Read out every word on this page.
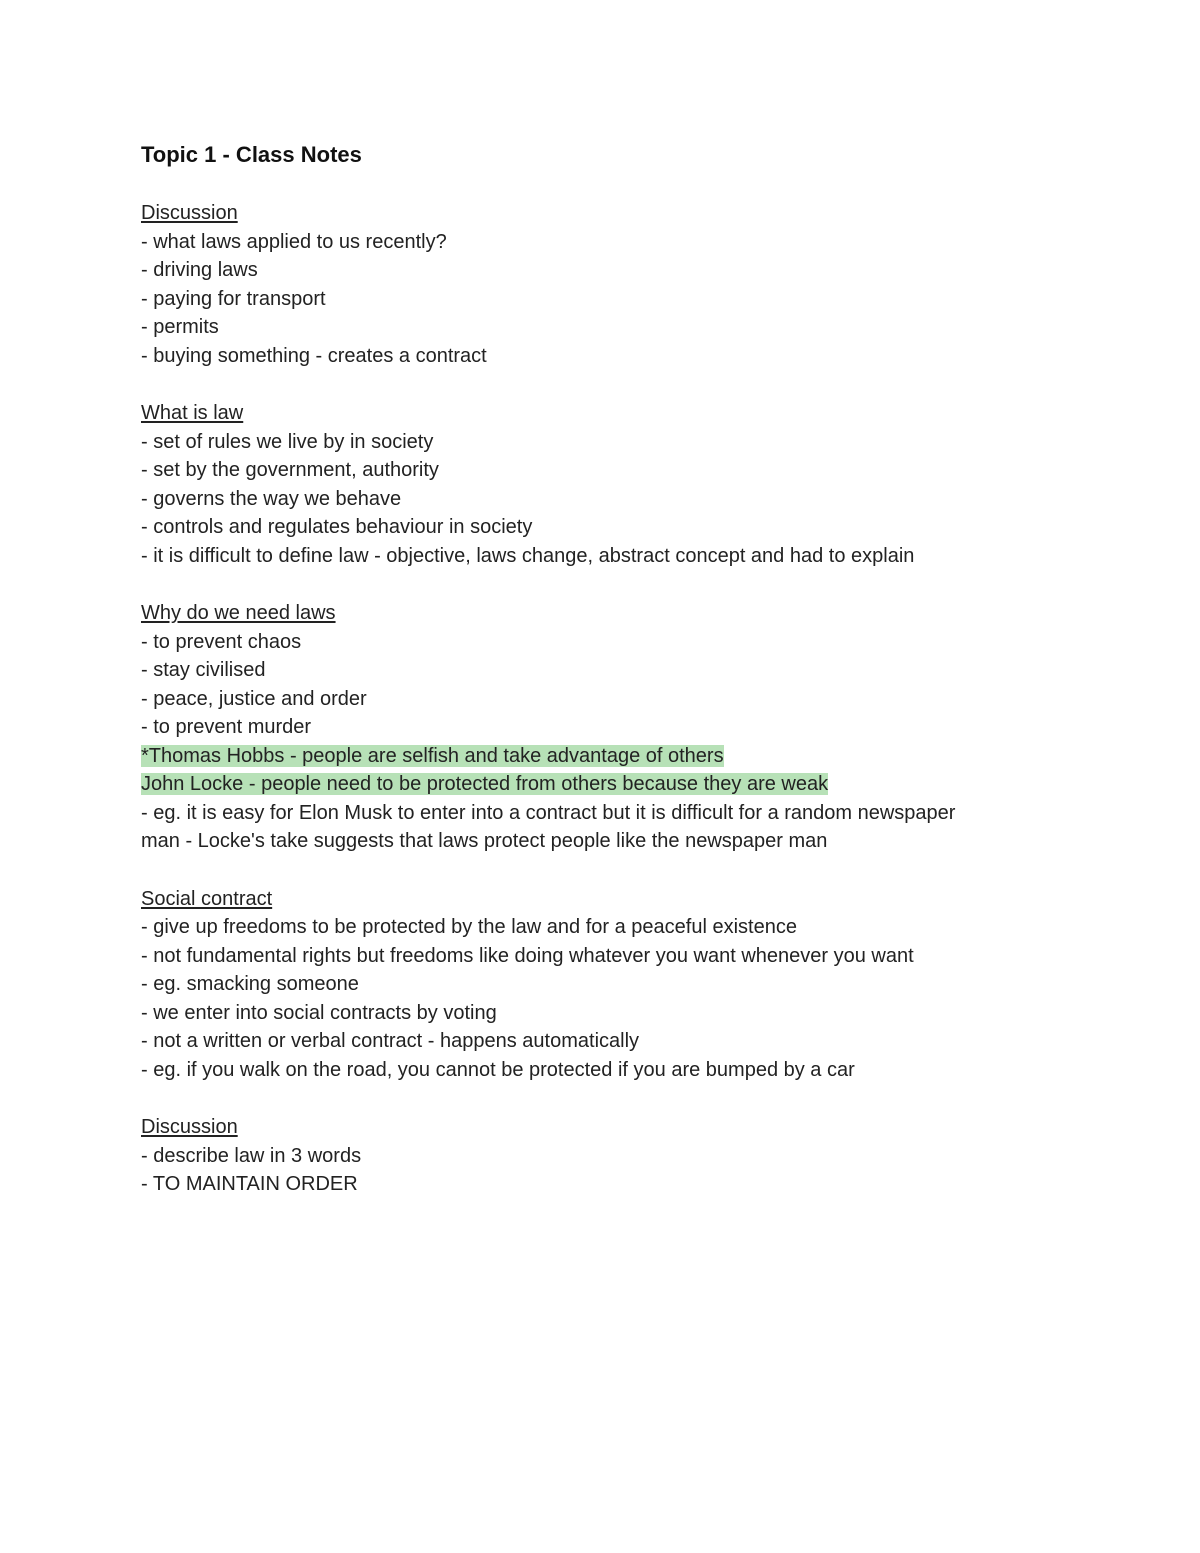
Topic 1 - Class Notes

Discussion

- what laws applied to us recently?

- driving laws

- paying for transport

- permits

- buying something - creates a contract

What is law

- set of rules we live by in society

- set by the government, authority

- governs the way we behave

- controls and regulates behaviour in society

- it is difficult to define law - objective, laws change, abstract concept and had to explain

Why do we need laws

- to prevent chaos

- stay civilised

- peace, justice and order

- to prevent murder

*Thomas Hobbs - people are selfish and take advantage of others

John Locke - people need to be protected from others because they are weak

- eg. it is easy for Elon Musk to enter into a contract but it is difficult for a random newspaper

man - Locke's take suggests that laws protect people like the newspaper man

Social contract

- give up freedoms to be protected by the law and for a peaceful existence

- not fundamental rights but freedoms like doing whatever you want whenever you want

- eg. smacking someone

- we enter into social contracts by voting

- not a written or verbal contract - happens automatically

- eg. if you walk on the road, you cannot be protected if you are bumped by a car

Discussion

- describe law in 3 words

- TO MAINTAIN ORDER
